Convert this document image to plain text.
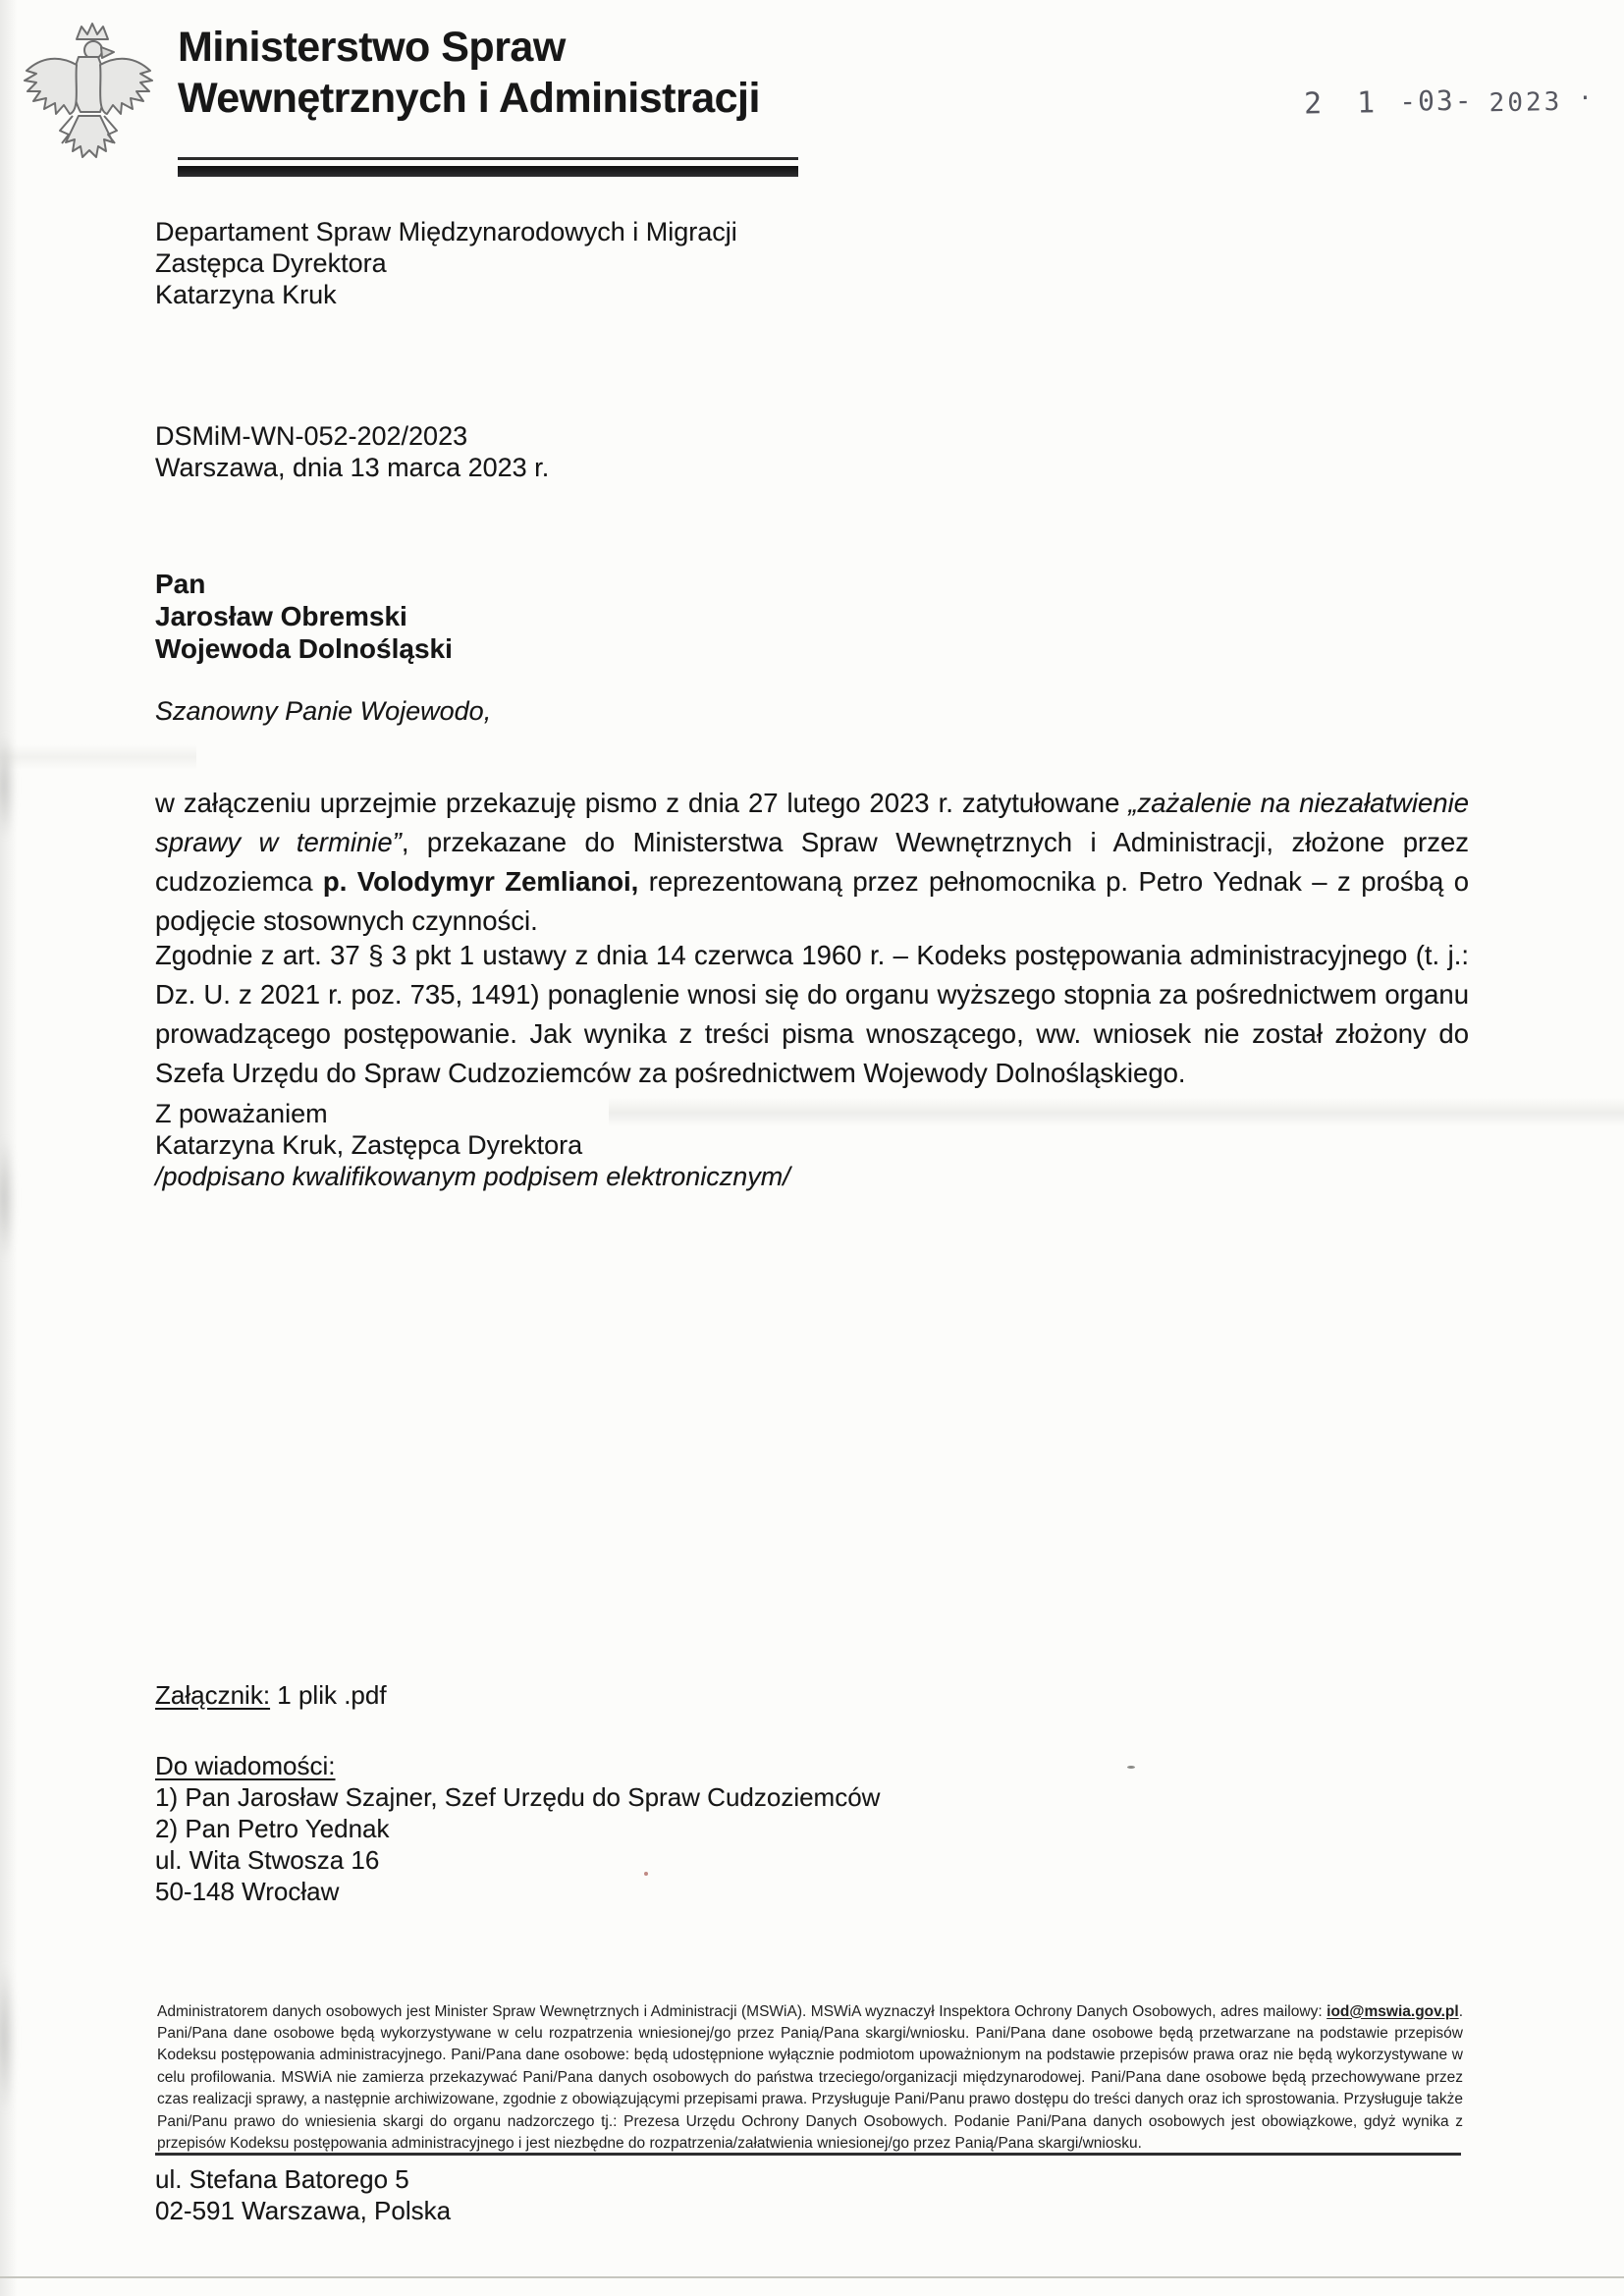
Ministerstwo Spraw
Wewnętrznych i Administracji	2 1 -03- 2023 ·
Departament Spraw Międzynarodowych i Migracji
Zastępca Dyrektora
Katarzyna Kruk
DSMiM-WN-052-202/2023
Warszawa, dnia 13 marca 2023 r.
Pan
Jarosław Obremski
Wojewoda Dolnośląski
Szanowny Panie Wojewodo,

w załączeniu uprzejmie przekazuję pismo z dnia 27 lutego 2023 r. zatytułowane „zażalenie na niezałatwienie sprawy w terminie”, przekazane do Ministerstwa Spraw Wewnętrznych i Administracji, złożone przez cudzoziemca p. Volodymyr Zemlianoi, reprezentowaną przez pełnomocnika p. Petro Yednak – z prośbą o podjęcie stosownych czynności.

Zgodnie z art. 37 § 3 pkt 1 ustawy z dnia 14 czerwca 1960 r. – Kodeks postępowania administracyjnego (t. j.: Dz. U. z 2021 r. poz. 735, 1491) ponaglenie wnosi się do organu wyższego stopnia za pośrednictwem organu prowadzącego postępowanie. Jak wynika z treści pisma wnoszącego, ww. wniosek nie został złożony do Szefa Urzędu do Spraw Cudzoziemców za pośrednictwem Wojewody Dolnośląskiego.

Z poważaniem
Katarzyna Kruk, Zastępca Dyrektora
/podpisano kwalifikowanym podpisem elektronicznym/
Załącznik: 1 plik .pdf
Do wiadomości:
1) Pan Jarosław Szajner, Szef Urzędu do Spraw Cudzoziemców
2) Pan Petro Yednak
ul. Wita Stwosza 16
50-148 Wrocław

Administratorem danych osobowych jest Minister Spraw Wewnętrznych i Administracji (MSWiA). MSWiA wyznaczył Inspektora Ochrony Danych Osobowych, adres mailowy: iod@mswia.gov.pl. Pani/Pana dane osobowe będą wykorzystywane w celu rozpatrzenia wniesionej/go przez Panią/Pana skargi/wniosku. Pani/Pana dane osobowe będą przetwarzane na podstawie przepisów Kodeksu postępowania administracyjnego. Pani/Pana dane osobowe: będą udostępnione wyłącznie podmiotom upoważnionym na podstawie przepisów prawa oraz nie będą wykorzystywane w celu profilowania. MSWiA nie zamierza przekazywać Pani/Pana danych osobowych do państwa trzeciego/organizacji międzynarodowej. Pani/Pana dane osobowe będą przechowywane przez czas realizacji sprawy, a następnie archiwizowane, zgodnie z obowiązującymi przepisami prawa. Przysługuje Pani/Panu prawo dostępu do treści danych oraz ich sprostowania. Przysługuje także Pani/Panu prawo do wniesienia skargi do organu nadzorczego tj.: Prezesa Urzędu Ochrony Danych Osobowych. Podanie Pani/Pana danych osobowych jest obowiązkowe, gdyż wynika z przepisów Kodeksu postępowania administracyjnego i jest niezbędne do rozpatrzenia/załatwienia wniesionej/go przez Panią/Pana skargi/wniosku.

ul. Stefana Batorego 5
02-591 Warszawa, Polska
